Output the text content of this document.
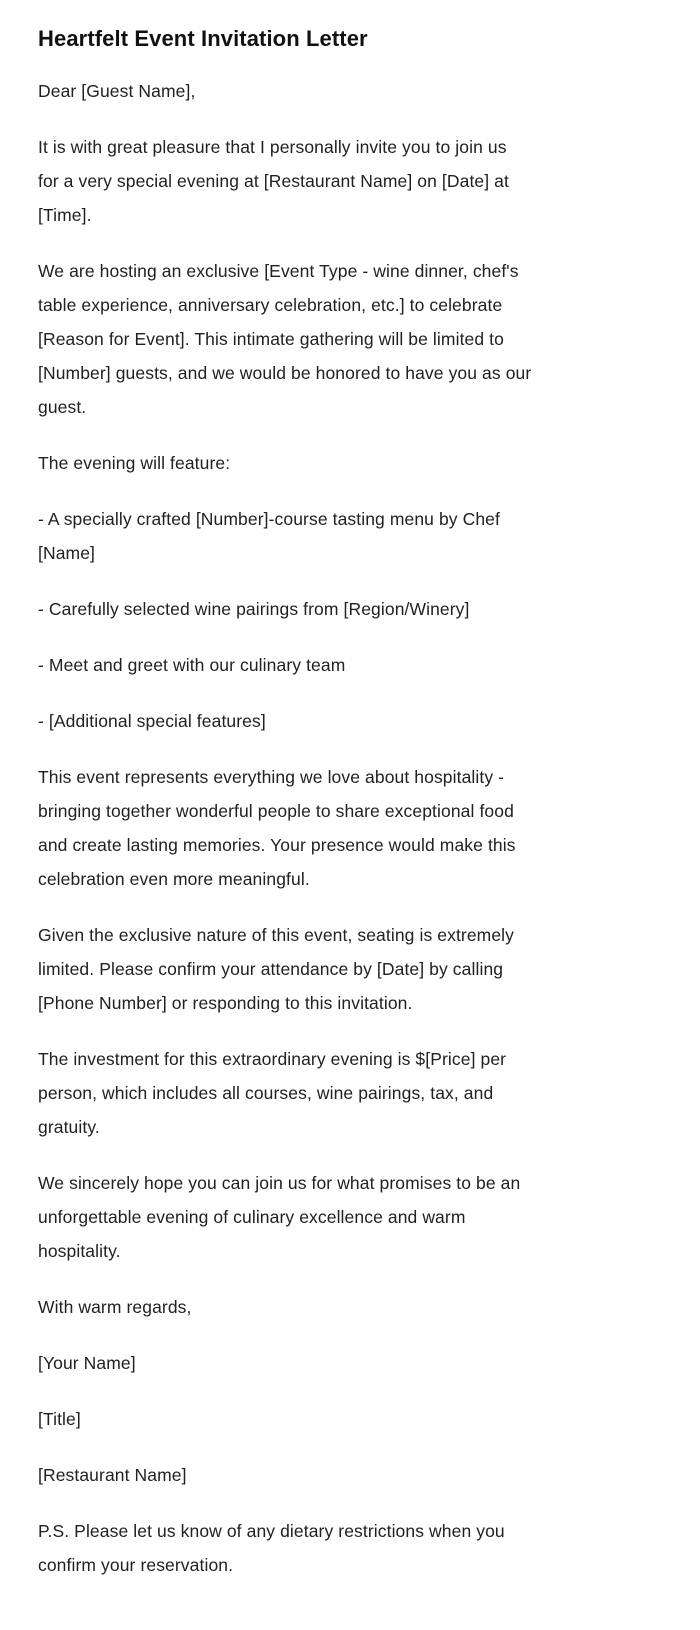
Heartfelt Event Invitation Letter

Dear [Guest Name],

It is with great pleasure that I personally invite you to join us
for a very special evening at [Restaurant Name] on [Date] at
[Time].

We are hosting an exclusive [Event Type - wine dinner, chef's
table experience, anniversary celebration, etc.] to celebrate
[Reason for Event]. This intimate gathering will be limited to
[Number] guests, and we would be honored to have you as our
guest.

The evening will feature:

- A specially crafted [Number]-course tasting menu by Chef
[Name]

- Carefully selected wine pairings from [Region/Winery]

- Meet and greet with our culinary team

- [Additional special features]

This event represents everything we love about hospitality -
bringing together wonderful people to share exceptional food
and create lasting memories. Your presence would make this
celebration even more meaningful.

Given the exclusive nature of this event, seating is extremely
limited. Please confirm your attendance by [Date] by calling
[Phone Number] or responding to this invitation.

The investment for this extraordinary evening is $[Price] per
person, which includes all courses, wine pairings, tax, and
gratuity.

We sincerely hope you can join us for what promises to be an
unforgettable evening of culinary excellence and warm
hospitality.

With warm regards,

[Your Name]

[Title]

[Restaurant Name]

P.S. Please let us know of any dietary restrictions when you
confirm your reservation.
